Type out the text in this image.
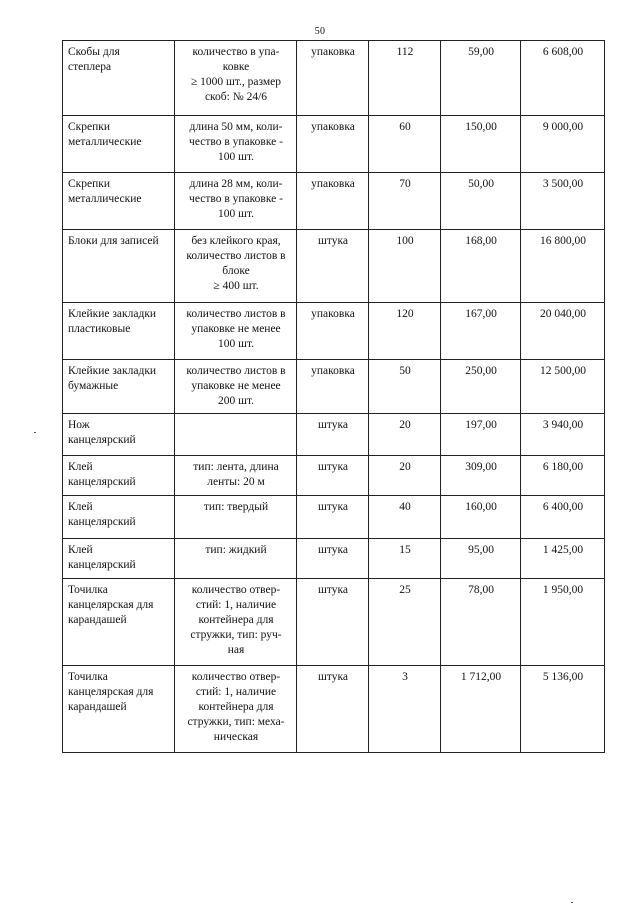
50
Скобы для
степлера	количество в упа-
ковке
≥ 1000 шт., размер
скоб: № 24/6	упаковка	112	59,00	6 608,00

Скрепки
металлические	длина 50 мм, коли-
чество в упаковке -
100 шт.	упаковка	60	150,00	9 000,00

Скрепки
металлические	длина 28 мм, коли-
чество в упаковке -
100 шт.	упаковка	70	50,00	3 500,00

Блоки для записей	без клейкого края,
количество листов в
блоке
≥ 400 шт.	штука	100	168,00	16 800,00

Клейкие закладки
пластиковые	количество листов в
упаковке не менее
100 шт.	упаковка	120	167,00	20 040,00

Клейкие закладки
бумажные	количество листов в
упаковке не менее
200 шт.	упаковка	50	250,00	12 500,00

Нож
канцелярский		штука	20	197,00	3 940,00

Клей
канцелярский	тип: лента, длина
ленты: 20 м	штука	20	309,00	6 180,00

Клей
канцелярский	тип: твердый	штука	40	160,00	6 400,00

Клей
канцелярский	тип: жидкий	штука	15	95,00	1 425,00

Точилка
канцелярская для
карандашей	количество отвер-
стий: 1, наличие
контейнера для
стружки, тип: руч-
ная	штука	25	78,00	1 950,00

Точилка
канцелярская для
карандашей	количество отвер-
стий: 1, наличие
контейнера для
стружки, тип: меха-
ническая	штука	3	1 712,00	5 136,00
